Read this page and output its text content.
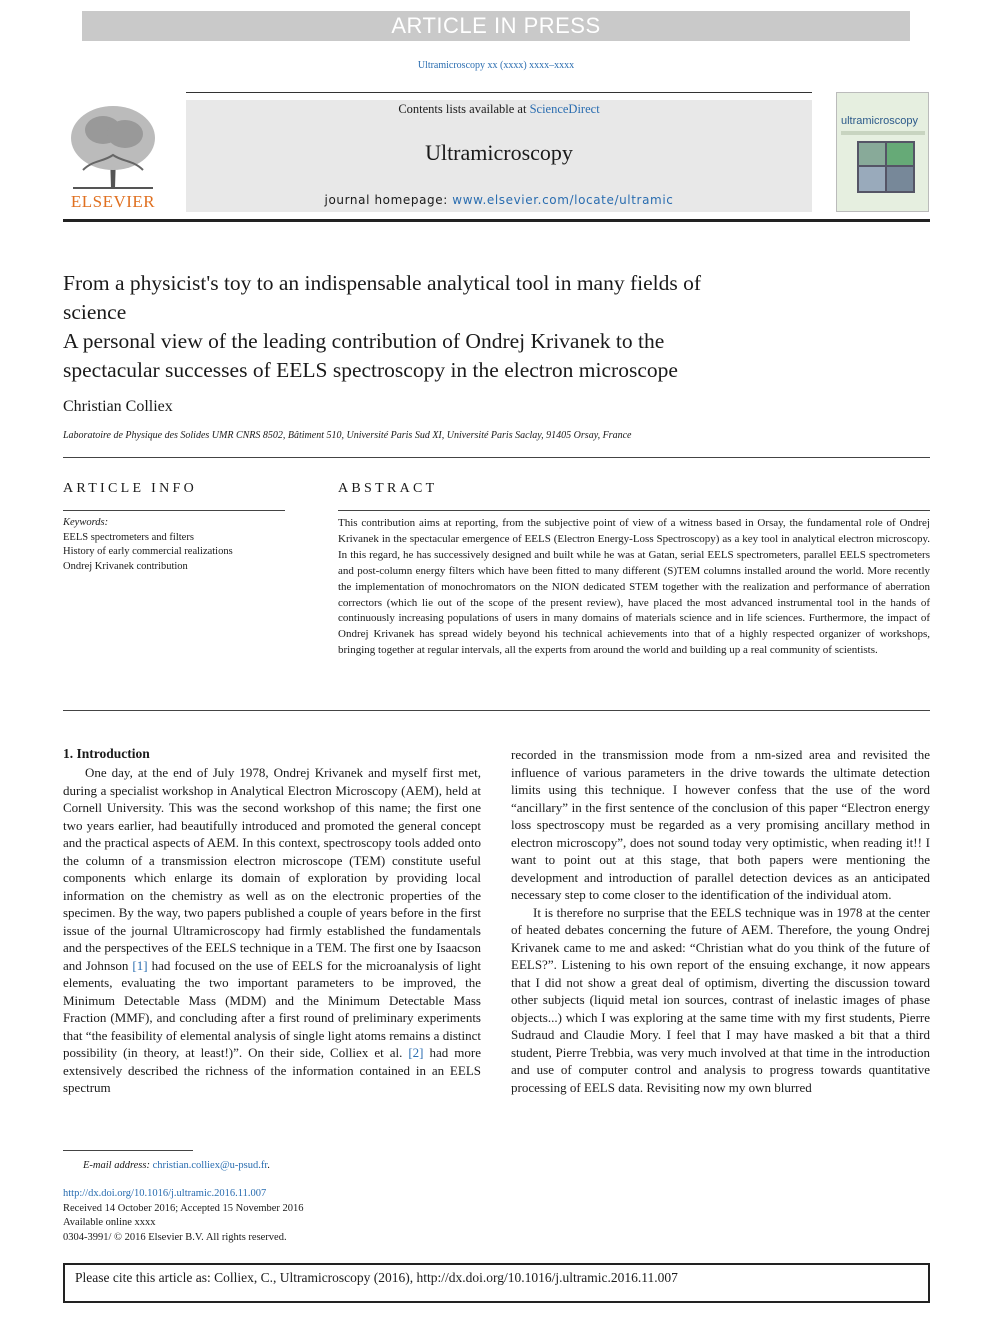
ARTICLE IN PRESS
Ultramicroscopy xx (xxxx) xxxx–xxxx
ELSEVIER
Contents lists available at ScienceDirect
Ultramicroscopy
journal homepage: www.elsevier.com/locate/ultramic
ultramicroscopy
From a physicist's toy to an indispensable analytical tool in many fields of
science
A personal view of the leading contribution of Ondrej Krivanek to the
spectacular successes of EELS spectroscopy in the electron microscope
Christian Colliex
Laboratoire de Physique des Solides UMR CNRS 8502, Bâtiment 510, Université Paris Sud XI, Université Paris Saclay, 91405 Orsay, France
ARTICLE INFO	ABSTRACT
Keywords:
EELS spectrometers and filters
History of early commercial realizations
Ondrej Krivanek contribution
This contribution aims at reporting, from the subjective point of view of a witness based in Orsay, the fundamental role of Ondrej Krivanek in the spectacular emergence of EELS (Electron Energy-Loss Spectroscopy) as a key tool in analytical electron microscopy. In this regard, he has successively designed and built while he was at Gatan, serial EELS spectrometers, parallel EELS spectrometers and post-column energy filters which have been fitted to many different (S)TEM columns installed around the world. More recently the implementation of monochromators on the NION dedicated STEM together with the realization and performance of aberration correctors (which lie out of the scope of the present review), have placed the most advanced instrumental tool in the hands of continuously increasing populations of users in many domains of materials science and in life sciences. Furthermore, the impact of Ondrej Krivanek has spread widely beyond his technical achievements into that of a highly respected organizer of workshops, bringing together at regular intervals, all the experts from around the world and building up a real community of scientists.
1. Introduction

One day, at the end of July 1978, Ondrej Krivanek and myself first met, during a specialist workshop in Analytical Electron Microscopy (AEM), held at Cornell University. This was the second workshop of this name; the first one two years earlier, had beautifully introduced and promoted the general concept and the practical aspects of AEM. In this context, spectroscopy tools added onto the column of a transmission electron microscope (TEM) constitute useful components which enlarge its domain of exploration by providing local information on the chemistry as well as on the electronic properties of the specimen. By the way, two papers published a couple of years before in the first issue of the journal Ultramicroscopy had firmly established the fundamentals and the perspectives of the EELS technique in a TEM. The first one by Isaacson and Johnson [1] had focused on the use of EELS for the microanalysis of light elements, evaluating the two important parameters to be improved, the Minimum Detectable Mass (MDM) and the Minimum Detectable Mass Fraction (MMF), and concluding after a first round of preliminary experiments that “the feasibility of elemental analysis of single light atoms remains a distinct possibility (in theory, at least!)”. On their side, Colliex et al. [2] had more extensively described the richness of the information contained in an EELS spectrum

recorded in the transmission mode from a nm-sized area and revisited the influence of various parameters in the drive towards the ultimate detection limits using this technique. I however confess that the use of the word “ancillary” in the first sentence of the conclusion of this paper “Electron energy loss spectroscopy must be regarded as a very promising ancillary method in electron microscopy”, does not sound today very optimistic, when reading it!! I want to point out at this stage, that both papers were mentioning the development and introduction of parallel detection devices as an anticipated necessary step to come closer to the identification of the individual atom.

It is therefore no surprise that the EELS technique was in 1978 at the center of heated debates concerning the future of AEM. Therefore, the young Ondrej Krivanek came to me and asked: “Christian what do you think of the future of EELS?”. Listening to his own report of the ensuing exchange, it now appears that I did not show a great deal of optimism, diverting the discussion toward other subjects (liquid metal ion sources, contrast of inelastic images of phase objects...) which I was exploring at the same time with my first students, Pierre Sudraud and Claudie Mory. I feel that I may have masked a bit that a third student, Pierre Trebbia, was very much involved at that time in the introduction and use of computer control and analysis to progress towards quantitative processing of EELS data. Revisiting now my own blurred

E-mail address: christian.colliex@u-psud.fr.
http://dx.doi.org/10.1016/j.ultramic.2016.11.007
Received 14 October 2016; Accepted 15 November 2016
Available online xxxx
0304-3991/ © 2016 Elsevier B.V. All rights reserved.
Please cite this article as: Colliex, C., Ultramicroscopy (2016), http://dx.doi.org/10.1016/j.ultramic.2016.11.007
